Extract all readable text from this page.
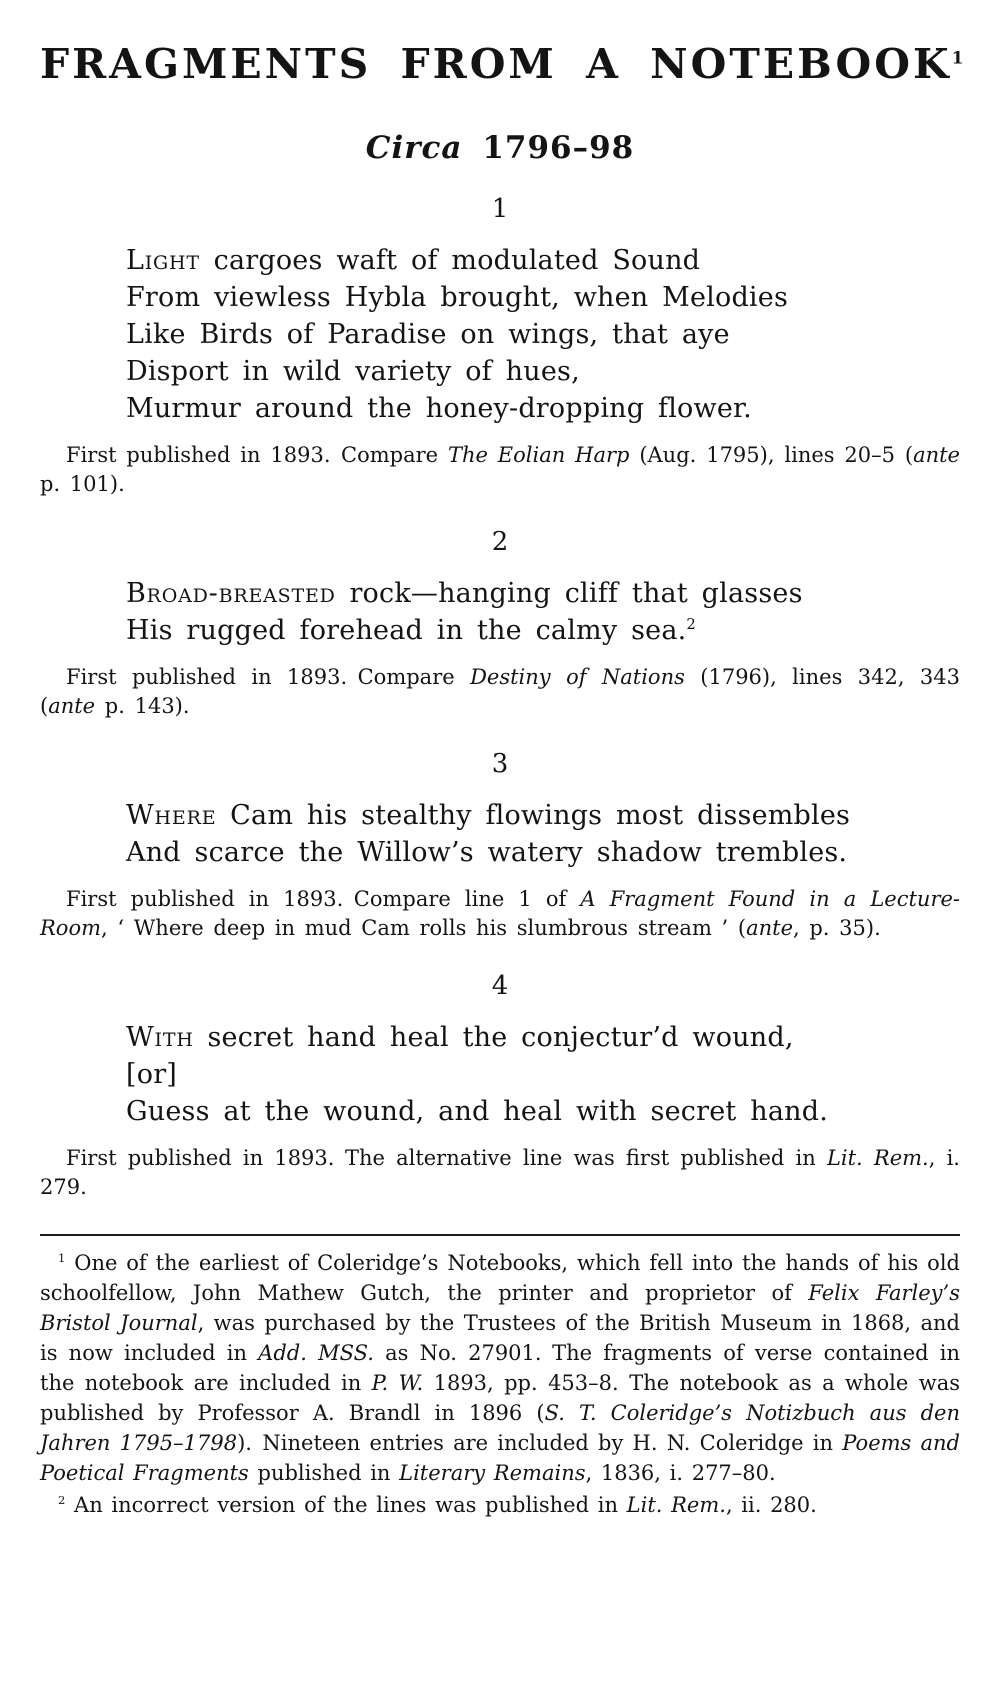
FRAGMENTS FROM A NOTEBOOK$^1$
Circa 1796–98
1
Light cargoes waft of modulated Sound
From viewless Hybla brought, when Melodies
Like Birds of Paradise on wings, that aye
Disport in wild variety of hues,
Murmur around the honey-dropping flower.

First published in 1893. Compare The Eolian Harp (Aug. 1795), lines 20–5 (ante p. 101).

2
Broad-breasted rock—hanging cliff that glasses
His rugged forehead in the calmy sea.$^2$

First published in 1893. Compare Destiny of Nations (1796), lines 342, 343 (ante p. 143).

3
Where Cam his stealthy flowings most dissembles
And scarce the Willow’s watery shadow trembles.

First published in 1893. Compare line 1 of A Fragment Found in a Lecture-Room, ‘ Where deep in mud Cam rolls his slumbrous stream ’ (ante, p. 35).

4
With secret hand heal the conjectur’d wound,
[or]
Guess at the wound, and heal with secret hand.

First published in 1893. The alternative line was first published in Lit. Rem., i. 279.

$^1$ One of the earliest of Coleridge’s Notebooks, which fell into the hands of his old schoolfellow, John Mathew Gutch, the printer and proprietor of Felix Farley’s Bristol Journal, was purchased by the Trustees of the British Museum in 1868, and is now included in Add. MSS. as No. 27901. The fragments of verse contained in the notebook are included in P. W. 1893, pp. 453–8. The notebook as a whole was published by Professor A. Brandl in 1896 (S. T. Coleridge’s Notizbuch aus den Jahren 1795–1798). Nineteen entries are included by H. N. Coleridge in Poems and Poetical Fragments published in Literary Remains, 1836, i. 277–80.

$^2$ An incorrect version of the lines was published in Lit. Rem., ii. 280.
